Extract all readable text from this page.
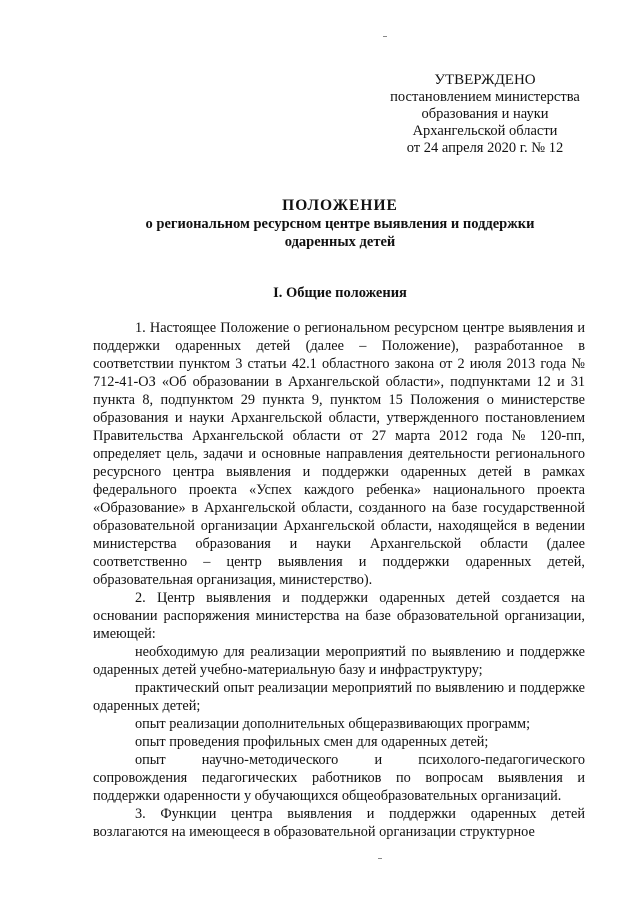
УТВЕРЖДЕНО
постановлением министерства
образования и науки
Архангельской области
от 24 апреля 2020 г. № 12
ПОЛОЖЕНИЕ
о региональном ресурсном центре выявления и поддержки
одаренных детей
I. Общие положения

1. Настоящее Положение о региональном ресурсном центре выявления и поддержки одаренных детей (далее – Положение), разработанное в соответствии пунктом 3 статьи 42.1 областного закона от 2 июля 2013 года № 712-41-ОЗ «Об образовании в Архангельской области», подпунктами 12 и 31 пункта 8, подпунктом 29 пункта 9, пунктом 15 Положения о министерстве образования и науки Архангельской области, утвержденного постановлением Правительства Архангельской области от 27 марта 2012 года № 120-пп, определяет цель, задачи и основные направления деятельности регионального ресурсного центра выявления и поддержки одаренных детей в рамках федерального проекта «Успех каждого ребенка» национального проекта «Образование» в Архангельской области, созданного на базе государственной образовательной организации Архангельской области, находящейся в ведении министерства образования и науки Архангельской области (далее соответственно – центр выявления и поддержки одаренных детей, образовательная организация, министерство).

2. Центр выявления и поддержки одаренных детей создается на основании распоряжения министерства на базе образовательной организации, имеющей:

необходимую для реализации мероприятий по выявлению и поддержке одаренных детей учебно-материальную базу и инфраструктуру;

практический опыт реализации мероприятий по выявлению и поддержке одаренных детей;

опыт реализации дополнительных общеразвивающих программ;

опыт проведения профильных смен для одаренных детей;

опыт научно-методического и психолого-педагогического сопровождения педагогических работников по вопросам выявления и поддержки одаренности у обучающихся общеобразовательных организаций.

3. Функции центра выявления и поддержки одаренных детей возлагаются на имеющееся в образовательной организации структурное
